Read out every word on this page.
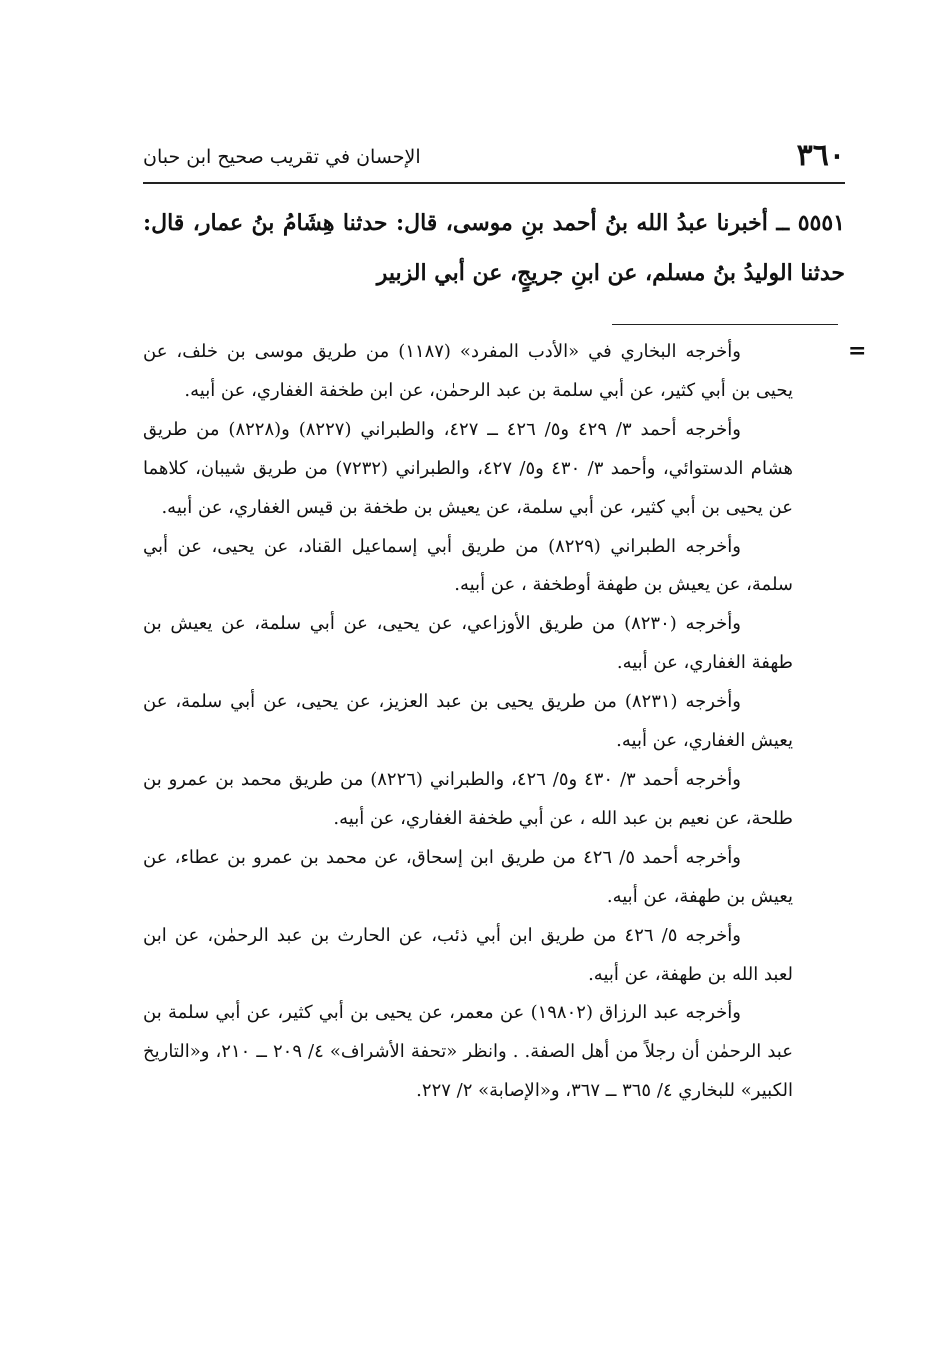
٣٦٠
الإحسان في تقريب صحيح ابن حبان

٥٥٥١ ــ أخبرنا عبدُ الله بنُ أحمد بنِ موسى، قال: حدثنا هِشَامُ بنُ عمار، قال: حدثنا الوليدُ بنُ مسلم، عن ابنِ جريجٍ، عن أبي الزبير

=

وأخرجه البخاري في «الأدب المفرد» (١١٨٧) من طريق موسى بن خلف، عن يحيى بن أبي كثير، عن أبي سلمة بن عبد الرحمٰن، عن ابن طخفة الغفاري، عن أبيه.

وأخرجه أحمد ٣/ ٤٢٩ و٥/ ٤٢٦ ــ ٤٢٧، والطبراني (٨٢٢٧) و(٨٢٢٨) من طريق هشام الدستوائي، وأحمد ٣/ ٤٣٠ و٥/ ٤٢٧، والطبراني (٧٢٣٢) من طريق شيبان، كلاهما عن يحيى بن أبي كثير، عن أبي سلمة، عن يعيش بن طخفة بن قيس الغفاري، عن أبيه.

وأخرجه الطبراني (٨٢٢٩) من طريق أبي إسماعيل القناد، عن يحيى، عن أبي سلمة، عن يعيش بن طهفة أوطخفة ، عن أبيه.

وأخرجه (٨٢٣٠) من طريق الأوزاعي، عن يحيى، عن أبي سلمة، عن يعيش بن طهفة الغفاري، عن أبيه.

وأخرجه (٨٢٣١) من طريق يحيى بن عبد العزيز، عن يحيى، عن أبي سلمة، عن يعيش الغفاري، عن أبيه.

وأخرجه أحمد ٣/ ٤٣٠ و٥/ ٤٢٦، والطبراني (٨٢٢٦) من طريق محمد بن عمرو بن طلحة، عن نعيم بن عبد الله ، عن أبي طخفة الغفاري، عن أبيه.

وأخرجه أحمد ٥/ ٤٢٦ من طريق ابن إسحاق، عن محمد بن عمرو بن عطاء، عن يعيش بن طهفة، عن أبيه.

وأخرجه ٥/ ٤٢٦ من طريق ابن أبي ذئب، عن الحارث بن عبد الرحمٰن، عن ابن لعبد الله بن طهفة، عن أبيه.

وأخرجه عبد الرزاق (١٩٨٠٢) عن معمر، عن يحيى بن أبي كثير، عن أبي سلمة بن عبد الرحمٰن أن رجلاً من أهل الصفة. . وانظر «تحفة الأشراف» ٤/ ٢٠٩ ــ ٢١٠، و«التاريخ الكبير» للبخاري ٤/ ٣٦٥ ــ ٣٦٧، و«الإصابة» ٢/ ٢٢٧.
